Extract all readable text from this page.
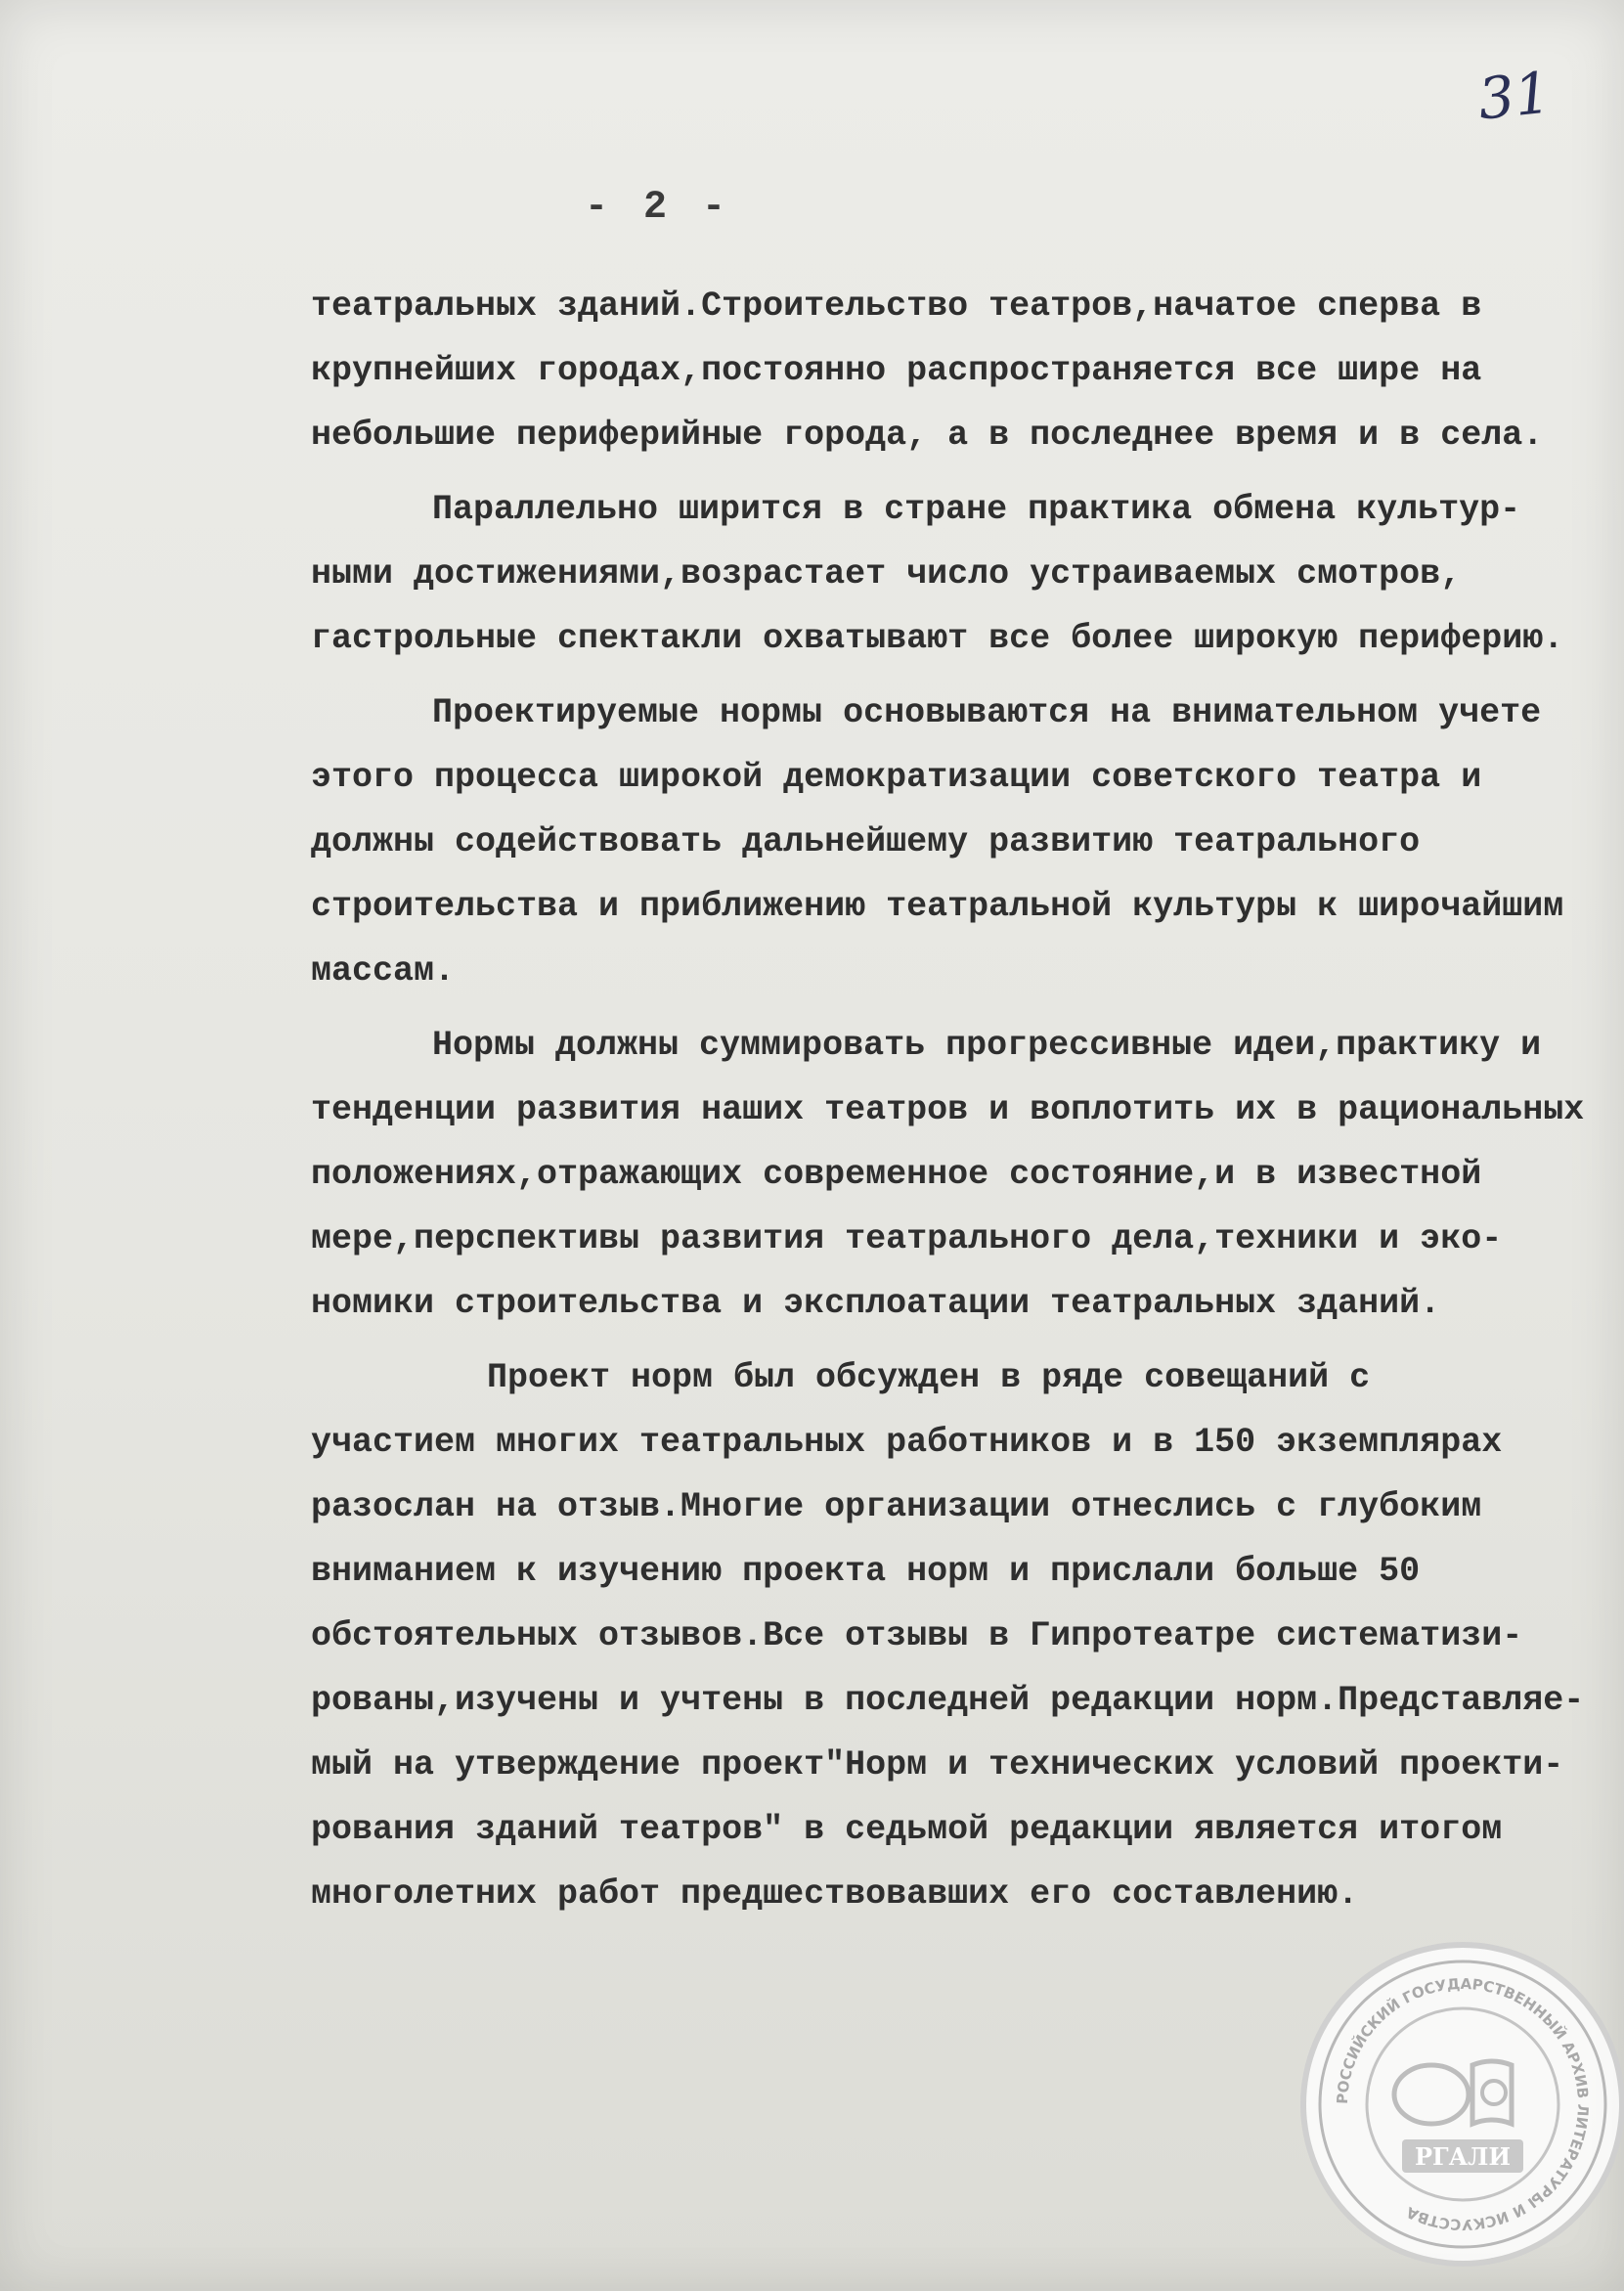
31
- 2 -
театральных зданий.Строительство театров,начатое сперва в
крупнейших городах,постоянно распространяется все шире на
небольшие периферийные города, а в последнее время и в села.
Параллельно ширится в стране практика обмена культур-
ными достижениями,возрастает число устраиваемых смотров,
гастрольные спектакли охватывают все более широкую периферию.
Проектируемые нормы основываются на внимательном учете
этого процесса широкой демократизации советского театра и
должны содействовать дальнейшему развитию театрального
строительства и приближению театральной культуры к широчайшим
массам.
Нормы должны суммировать прогрессивные идеи,практику и
тенденции развития наших театров и воплотить их в рациональных
положениях,отражающих современное состояние,и в известной
мере,перспективы развития театрального дела,техники и эко-
номики строительства и эксплоатации театральных зданий.
Проект норм был обсужден в ряде совещаний с
участием многих театральных работников и в 150 экземплярах
разослан на отзыв.Многие организации отнеслись с глубоким
вниманием к изучению проекта норм и прислали больше 50
обстоятельных отзывов.Все отзывы в Гипротеатре систематизи-
рованы,изучены и учтены в последней редакции норм.Представляе-
мый на утверждение проект"Норм и технических условий проекти-
рования зданий театров" в седьмой редакции является итогом
многолетних работ предшествовавших его составлению.
РОССИЙСКИЙ ГОСУДАРСТВЕННЫЙ АРХИВ ЛИТЕРАТУРЫ И ИСКУССТВА
РГАЛИ
